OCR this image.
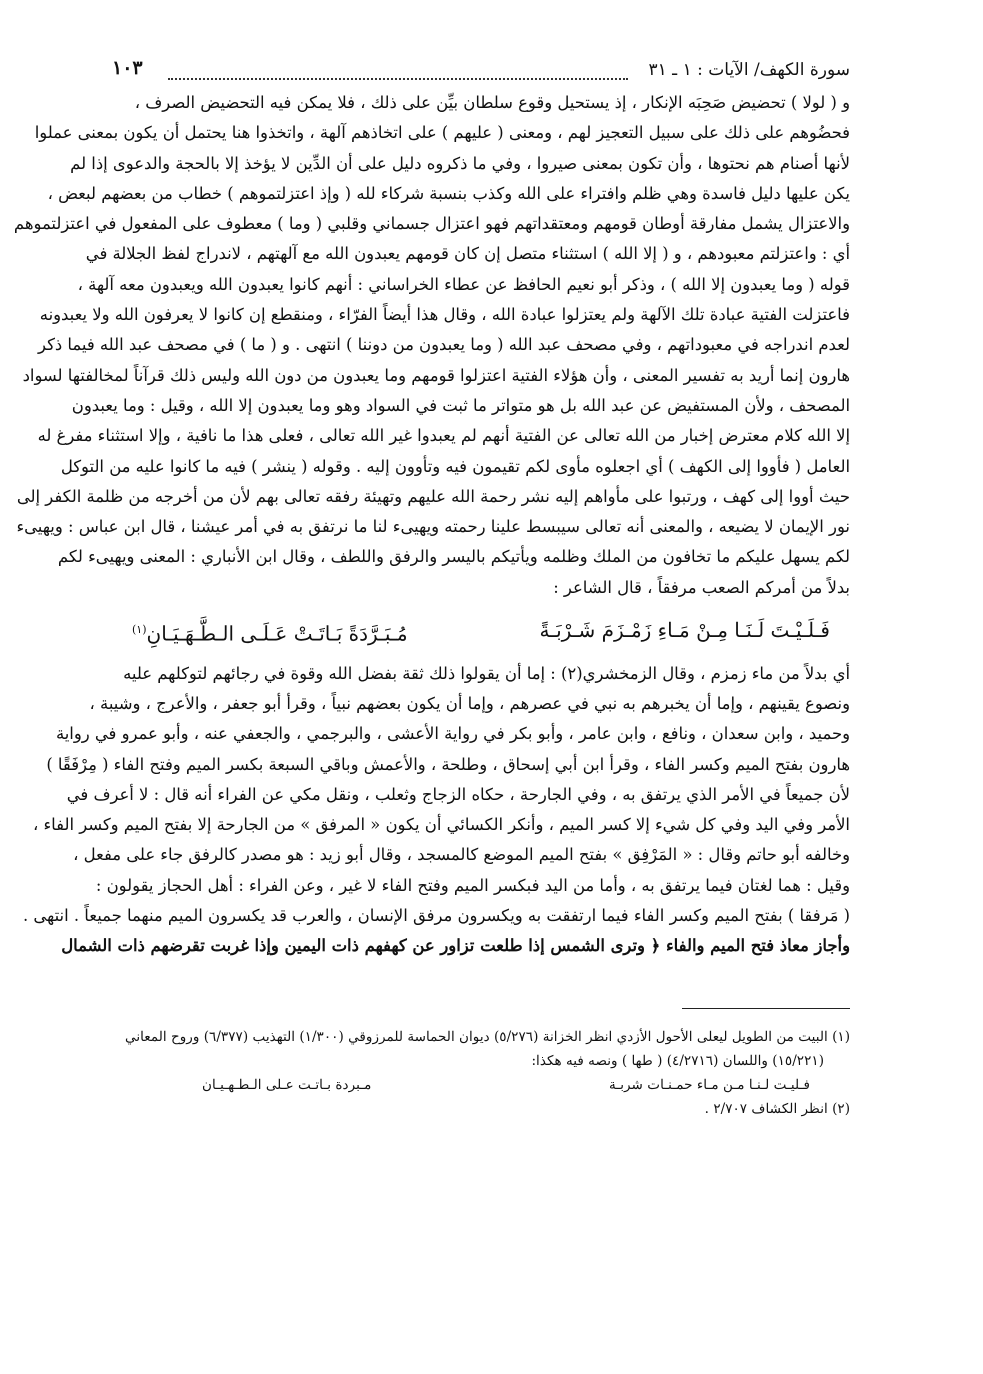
سورة الكهف/ الآيات : ١ ـ ٣١
١٠٣

و ( لولا ) تحضيض صَحِبَه الإنكار ، إذ يستحيل وقوع سلطان بيِّن على ذلك ، فلا يمكن فيه التحضيض الصرف ،

فحضُوهم على ذلك على سبيل التعجيز لهم ، ومعنى ( عليهم ) على اتخاذهم آلهة ، واتخذوا هنا يحتمل أن يكون بمعنى عملوا

لأنها أصنام هم نحتوها ، وأن تكون بمعنى صيروا ، وفي ما ذكروه دليل على أن الدِّين لا يؤخذ إلا بالحجة والدعوى إذا لم

يكن عليها دليل فاسدة وهي ظلم وافتراء على الله وكذب بنسبة شركاء لله ( وإذ اعتزلتموهم ) خطاب من بعضهم لبعض ،

والاعتزال يشمل مفارقة أوطان قومهم ومعتقداتهم فهو اعتزال جسماني وقلبي ( وما ) معطوف على المفعول في اعتزلتموهم

أي : واعتزلتم معبودهم ، و ( إلا الله ) استثناء متصل إن كان قومهم يعبدون الله مع آلهتهم ، لاندراج لفظ الجلالة في

قوله ( وما يعبدون إلا الله ) ، وذكر أبو نعيم الحافظ عن عطاء الخراساني : أنهم كانوا يعبدون الله ويعبدون معه آلهة ،

فاعتزلت الفتية عبادة تلك الآلهة ولم يعتزلوا عبادة الله ، وقال هذا أيضاً الفرّاء ، ومنقطع إن كانوا لا يعرفون الله ولا يعبدونه

لعدم اندراجه في معبوداتهم ، وفي مصحف عبد الله ( وما يعبدون من دوننا ) انتهى . و ( ما ) في مصحف عبد الله فيما ذكر

هارون إنما أريد به تفسير المعنى ، وأن هؤلاء الفتية اعتزلوا قومهم وما يعبدون من دون الله وليس ذلك قرآناً لمخالفتها لسواد

المصحف ، ولأن المستفيض عن عبد الله بل هو متواتر ما ثبت في السواد وهو وما يعبدون إلا الله ، وقيل : وما يعبدون

إلا الله كلام معترض إخبار من الله تعالى عن الفتية أنهم لم يعبدوا غير الله تعالى ، فعلى هذا ما نافية ، وإلا استثناء مفرغ له

العامل ( فأووا إلى الكهف ) أي اجعلوه مأوى لكم تقيمون فيه وتأوون إليه . وقوله ( ينشر ) فيه ما كانوا عليه من التوكل

حيث أووا إلى كهف ، ورتبوا على مأواهم إليه نشر رحمة الله عليهم وتهيئة رفقه تعالى بهم لأن من أخرجه من ظلمة الكفر إلى

نور الإيمان لا يضيعه ، والمعنى أنه تعالى سيبسط علينا رحمته ويهيىء لنا ما نرتفق به في أمر عيشنا ، قال ابن عباس : ويهيىء

لكم يسهل عليكم ما تخافون من الملك وظلمه ويأتيكم باليسر والرفق واللطف ، وقال ابن الأنباري : المعنى ويهيىء لكم

بدلاً من أمركم الصعب مرفقاً ، قال الشاعر :

فَـلَـيْـتَ لَـنَـا مِـنْ مَـاءِ زَمْـزَمَ شَـرْبَـةً
مُـبَـرَّدَةً بَـاتَـتْ عَـلَـى الـطَّـهَـيَـانِ$^{(١)}$

أي بدلاً من ماء زمزم ، وقال الزمخشري(٢) : إما أن يقولوا ذلك ثقة بفضل الله وقوة في رجائهم لتوكلهم عليه

ونصوع يقينهم ، وإما أن يخبرهم به نبي في عصرهم ، وإما أن يكون بعضهم نبياً ، وقرأ أبو جعفر ، والأعرج ، وشيبة ،

وحميد ، وابن سعدان ، ونافع ، وابن عامر ، وأبو بكر في رواية الأعشى ، والبرجمي ، والجعفي عنه ، وأبو عمرو في رواية

هارون بفتح الميم وكسر الفاء ، وقرأ ابن أبي إسحاق ، وطلحة ، والأعمش وباقي السبعة بكسر الميم وفتح الفاء ( مِرْفَقًا )

لأن جميعاً في الأمر الذي يرتفق به ، وفي الجارحة ، حكاه الزجاج وثعلب ، ونقل مكي عن الفراء أنه قال : لا أعرف في

الأمر وفي اليد وفي كل شيء إلا كسر الميم ، وأنكر الكسائي أن يكون « المرفق » من الجارحة إلا بفتح الميم وكسر الفاء ،

وخالفه أبو حاتم وقال : « المَرْفِق » بفتح الميم الموضع كالمسجد ، وقال أبو زيد : هو مصدر كالرفق جاء على مفعل ،

وقيل : هما لغتان فيما يرتفق به ، وأما من اليد فبكسر الميم وفتح الفاء لا غير ، وعن الفراء : أهل الحجاز يقولون :

( مَرفقا ) بفتح الميم وكسر الفاء فيما ارتفقت به ويكسرون مرفق الإنسان ، والعرب قد يكسرون الميم منهما جميعاً . انتهى .

وأجاز معاذ فتح الميم والفاء ﴿ وترى الشمس إذا طلعت تزاور عن كهفهم ذات اليمين وإذا غربت تقرضهم ذات الشمال

(١) البيت من الطويل ليعلى الأحول الأزدي انظر الخزانة (٥/٢٧٦) ديوان الحماسة للمرزوقي (١/٣٠٠) التهذيب (٦/٣٧٧) وروح المعاني

(١٥/٢٢١) واللسان (٤/٢٧١٦) ( طها ) ونصه فيه هكذا:

فـليـت لـنـا مـن مـاء حمـنـات شربـة
مـبردة بـاتـت عـلى الـطـهـيـان

(٢) انظر الكشاف ٢/٧٠٧ .
